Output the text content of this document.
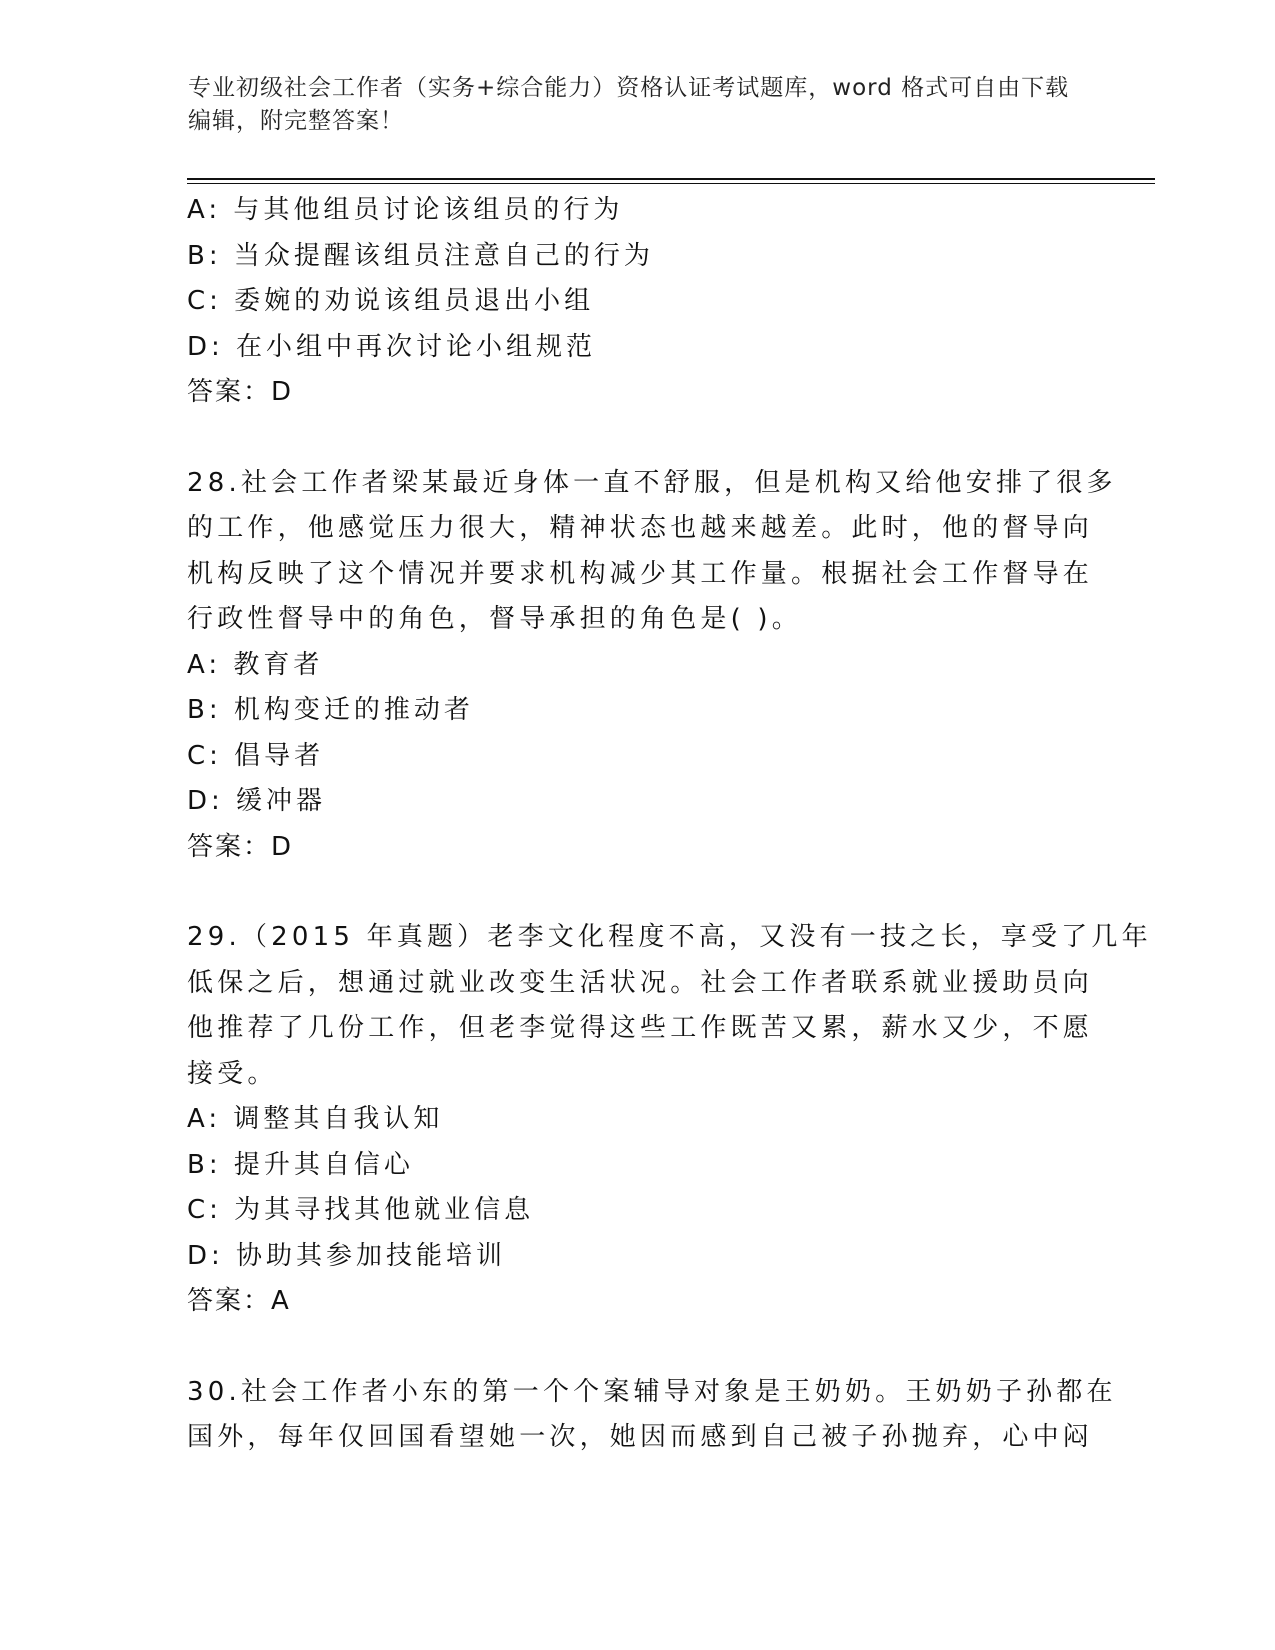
专业初级社会工作者（实务+综合能力）资格认证考试题库，word 格式可自由下载
编辑，附完整答案！
A: 与其他组员讨论该组员的行为
B: 当众提醒该组员注意自己的行为
C: 委婉的劝说该组员退出小组
D: 在小组中再次讨论小组规范
答案：D
28.社会工作者梁某最近身体一直不舒服，但是机构又给他安排了很多
的工作，他感觉压力很大，精神状态也越来越差。此时，他的督导向
机构反映了这个情况并要求机构减少其工作量。根据社会工作督导在
行政性督导中的角色，督导承担的角色是( )。
A: 教育者
B: 机构变迁的推动者
C: 倡导者
D: 缓冲器
答案：D
29.（2015 年真题）老李文化程度不高，又没有一技之长，享受了几年
低保之后，想通过就业改变生活状况。社会工作者联系就业援助员向
他推荐了几份工作，但老李觉得这些工作既苦又累，薪水又少，不愿
接受。
A: 调整其自我认知
B: 提升其自信心
C: 为其寻找其他就业信息
D: 协助其参加技能培训
答案：A
30.社会工作者小东的第一个个案辅导对象是王奶奶。王奶奶子孙都在
国外，每年仅回国看望她一次，她因而感到自己被子孙抛弃，心中闷
